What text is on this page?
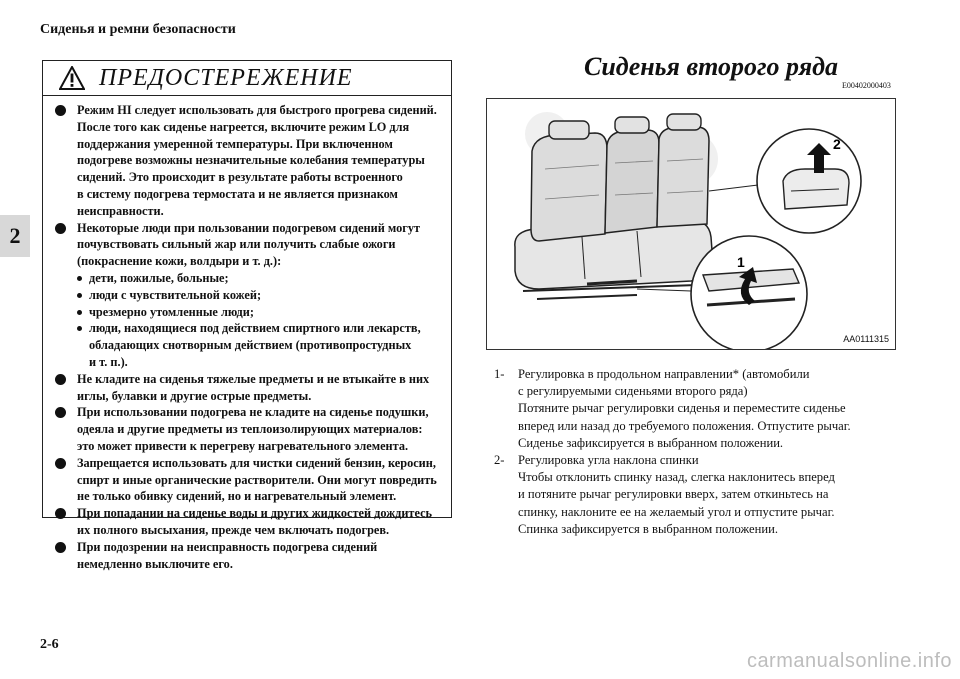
Сиденья и ремни безопасности
2
ПРЕДОСТЕРЕЖЕНИЕ
Режим HI следует использовать для быстрого прогрева сидений.
После того как сиденье нагреется, включите режим LO для
поддержания умеренной температуры. При включенном
подогреве возможны незначительные колебания температуры
сидений. Это происходит в результате работы встроенного
в систему подогрева термостата и не является признаком
неисправности.
Некоторые люди при пользовании подогревом сидений могут
почувствовать сильный жар или получить слабые ожоги
(покраснение кожи, волдыри и т. д.):
дети, пожилые, больные;
люди с чувствительной кожей;
чрезмерно утомленные люди;
люди, находящиеся под действием спиртного или лекарств,
обладающих снотворным действием (противопростудных
и т. п.).
Не кладите на сиденья тяжелые предметы и не втыкайте в них
иглы, булавки и другие острые предметы.
При использовании подогрева не кладите на сиденье подушки,
одеяла и другие предметы из теплоизолирующих материалов:
это может привести к перегреву нагревательного элемента.
Запрещается использовать для чистки сидений бензин, керосин,
спирт и иные органические растворители. Они могут повредить
не только обивку сидений, но и нагревательный элемент.
При попадании на сиденье воды и других жидкостей дождитесь
их полного высыхания, прежде чем включать подогрев.
При подозрении на неисправность подогрева сидений
немедленно выключите его.
Сиденья второго ряда
E00402000403
2
1
AA0111315
1- Регулировка в продольном направлении* (автомобили
с регулируемыми сиденьями второго ряда)
Потяните рычаг регулировки сиденья и переместите сиденье
вперед или назад до требуемого положения. Отпустите рычаг.
Сиденье зафиксируется в выбранном положении.
2- Регулировка угла наклона спинки
Чтобы отклонить спинку назад, слегка наклонитесь вперед
и потяните рычаг регулировки вверх, затем откиньтесь на
спинку, наклоните ее на желаемый угол и отпустите рычаг.
Спинка зафиксируется в выбранном положении.
2-6
carmanualsonline.info
